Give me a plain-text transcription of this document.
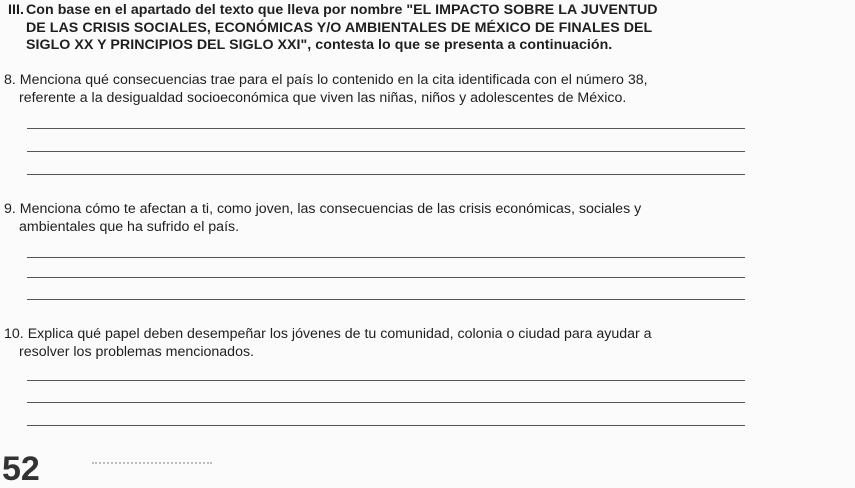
III. Con base en el apartado del texto que lleva por nombre "EL IMPACTO SOBRE LA JUVENTUD
DE LAS CRISIS SOCIALES, ECONÓMICAS Y/O AMBIENTALES DE MÉXICO DE FINALES DEL
SIGLO XX Y PRINCIPIOS DEL SIGLO XXI", contesta lo que se presenta a continuación.
8. Menciona qué consecuencias trae para el país lo contenido en la cita identificada con el número 38,
referente a la desigualdad socioeconómica que viven las niñas, niños y adolescentes de México.
9. Menciona cómo te afectan a ti, como joven, las consecuencias de las crisis económicas, sociales y
ambientales que ha sufrido el país.
10. Explica qué papel deben desempeñar los jóvenes de tu comunidad, colonia o ciudad para ayudar a
resolver los problemas mencionados.
52
